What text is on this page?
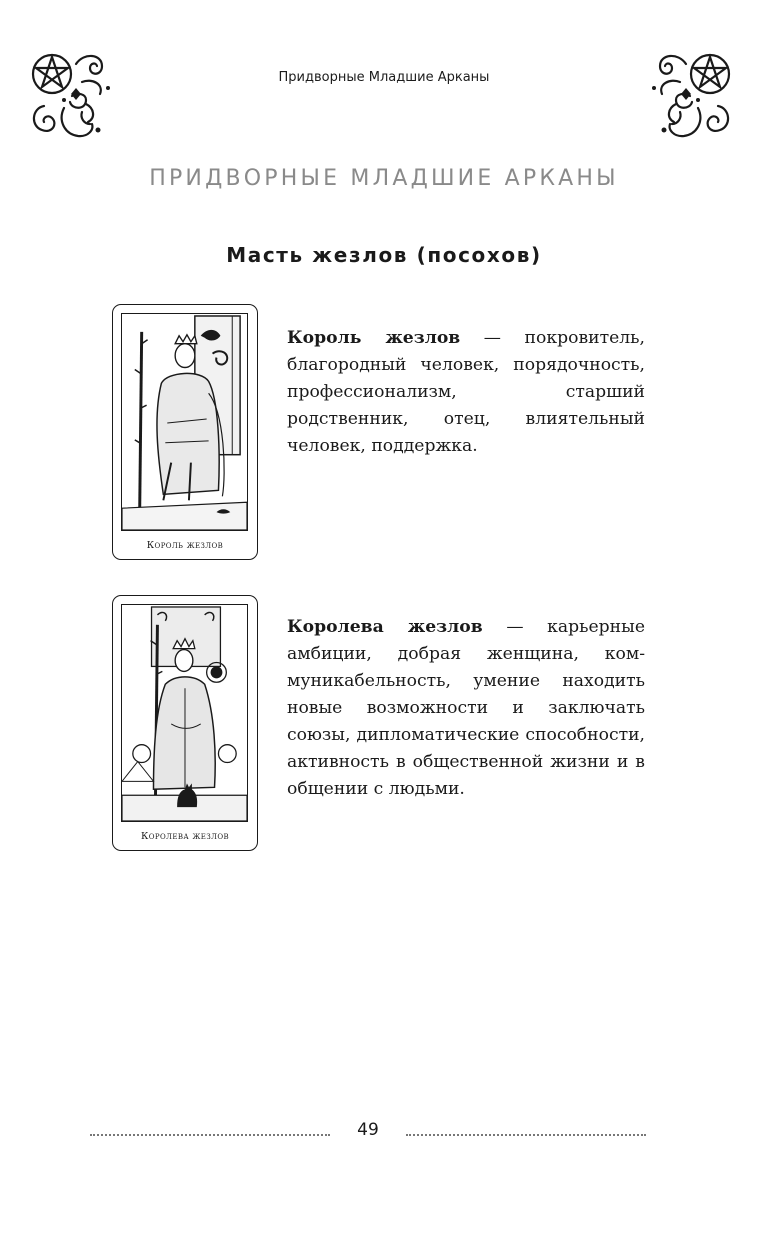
Придворные Младшие Арканы
ПРИДВОРНЫЕ МЛАДШИЕ АРКАНЫ
Масть жезлов (посохов)
Король жезлов
Король жезлов — покровитель, благородный человек, порядочность, профессионализм, старший родственник, отец, влиятельный человек, поддержка.
Королева жезлов
Королева жезлов — карьерные амбиции, добрая женщина, коммуникабельность, умение находить новые возможности и заключать союзы, дипломатические способности, активность в общественной жизни и в общении с людьми.
49
